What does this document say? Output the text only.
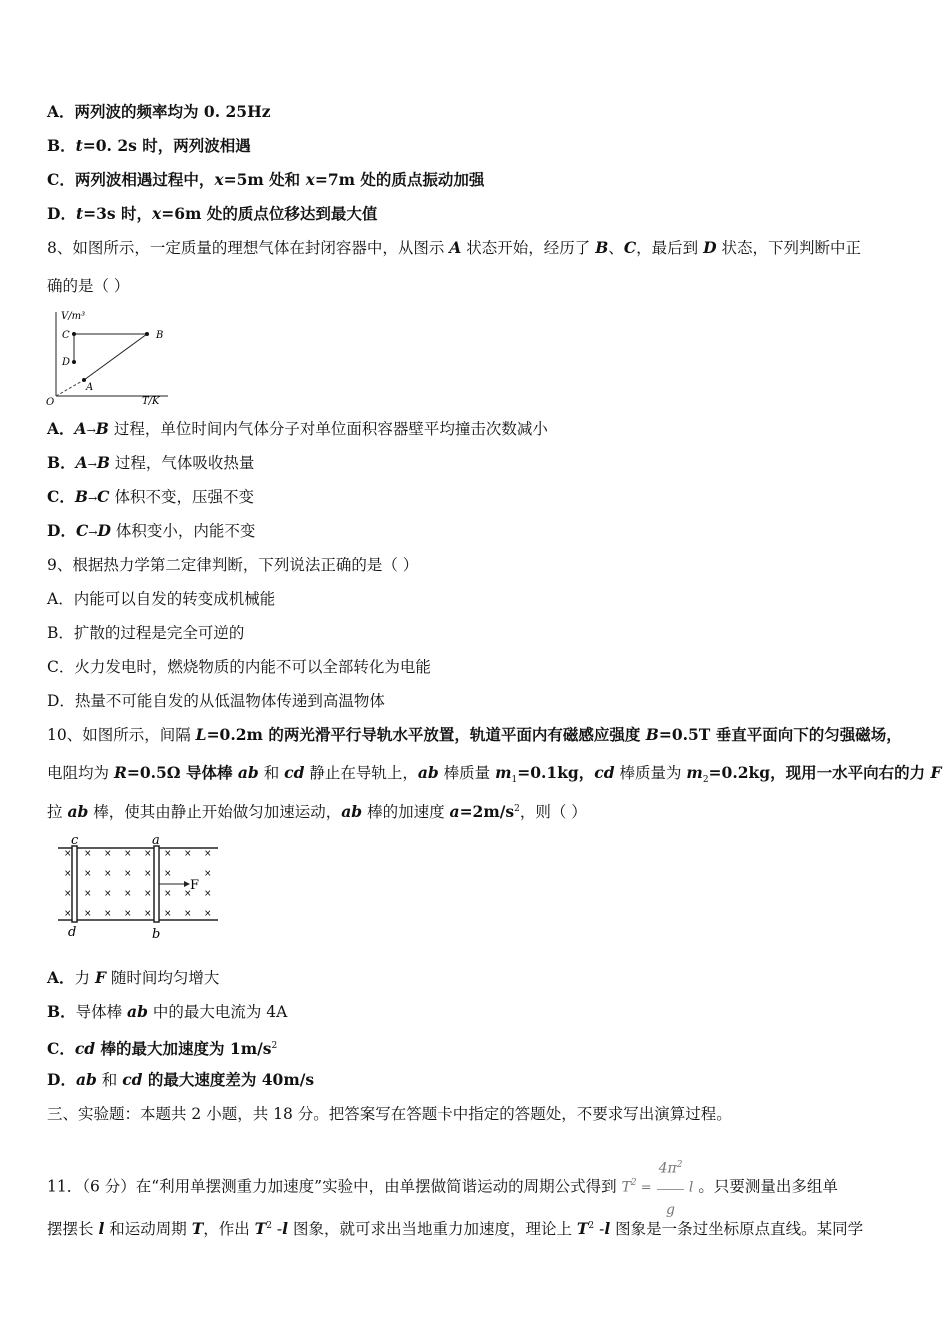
A．两列波的频率均为 0. 25Hz
B．t=0. 2s 时，两列波相遇
C．两列波相遇过程中，x=5m 处和 x=7m 处的质点振动加强
D．t=3s 时，x=6m 处的质点位移达到最大值
8、如图所示，一定质量的理想气体在封闭容器中，从图示 A 状态开始，经历了 B、C，最后到 D 状态，下列判断中正
确的是（ ）
V/m³
T/K
O
A
B
C
D
A．A→B 过程，单位时间内气体分子对单位面积容器壁平均撞击次数减小
B．A→B 过程，气体吸收热量
C．B→C 体积不变，压强不变
D．C→D 体积变小，内能不变
9、根据热力学第二定律判断，下列说法正确的是（ ）
A．内能可以自发的转变成机械能
B．扩散的过程是完全可逆的
C．火力发电时，燃烧物质的内能不可以全部转化为电能
D．热量不可能自发的从低温物体传递到高温物体
10、如图所示，间隔 L=0.2m 的两光滑平行导轨水平放置，轨道平面内有磁感应强度 B=0.5T 垂直平面向下的匀强磁场，
电阻均为 R=0.5Ω 导体棒 ab 和 cd 静止在导轨上，ab 棒质量 $m_1=0.1kg$，cd 棒质量为 $m_2=0.2kg$，现用一水平向右的力 F
拉 ab 棒，使其由静止开始做匀加速运动，ab 棒的加速度 $a=2m/s^2$，则（ ）
c	a
d	b
F
× × × × × × × ×
× × × × × ×	×
× × × × × × × ×
× × × × × × × ×
A．力 F 随时间均匀增大
B．导体棒 ab 中的最大电流为 4A
C．cd 棒的最大加速度为 $1m/s^2$
D．ab 和 cd 的最大速度差为 40m/s
三、实验题：本题共 2 小题，共 18 分。把答案写在答题卡中指定的答题处，不要求写出演算过程。
11．（6 分）在“利用单摆测重力加速度”实验中，由单摆做简谐运动的周期公式得到 $T^2 = \frac{4\pi^2}{g}$ l 。只要测量出多组单
摆摆长 l 和运动周期 T，作出 $T^2$ -l 图象，就可求出当地重力加速度，理论上 $T^2$ -l 图象是一条过坐标原点直线。某同学
